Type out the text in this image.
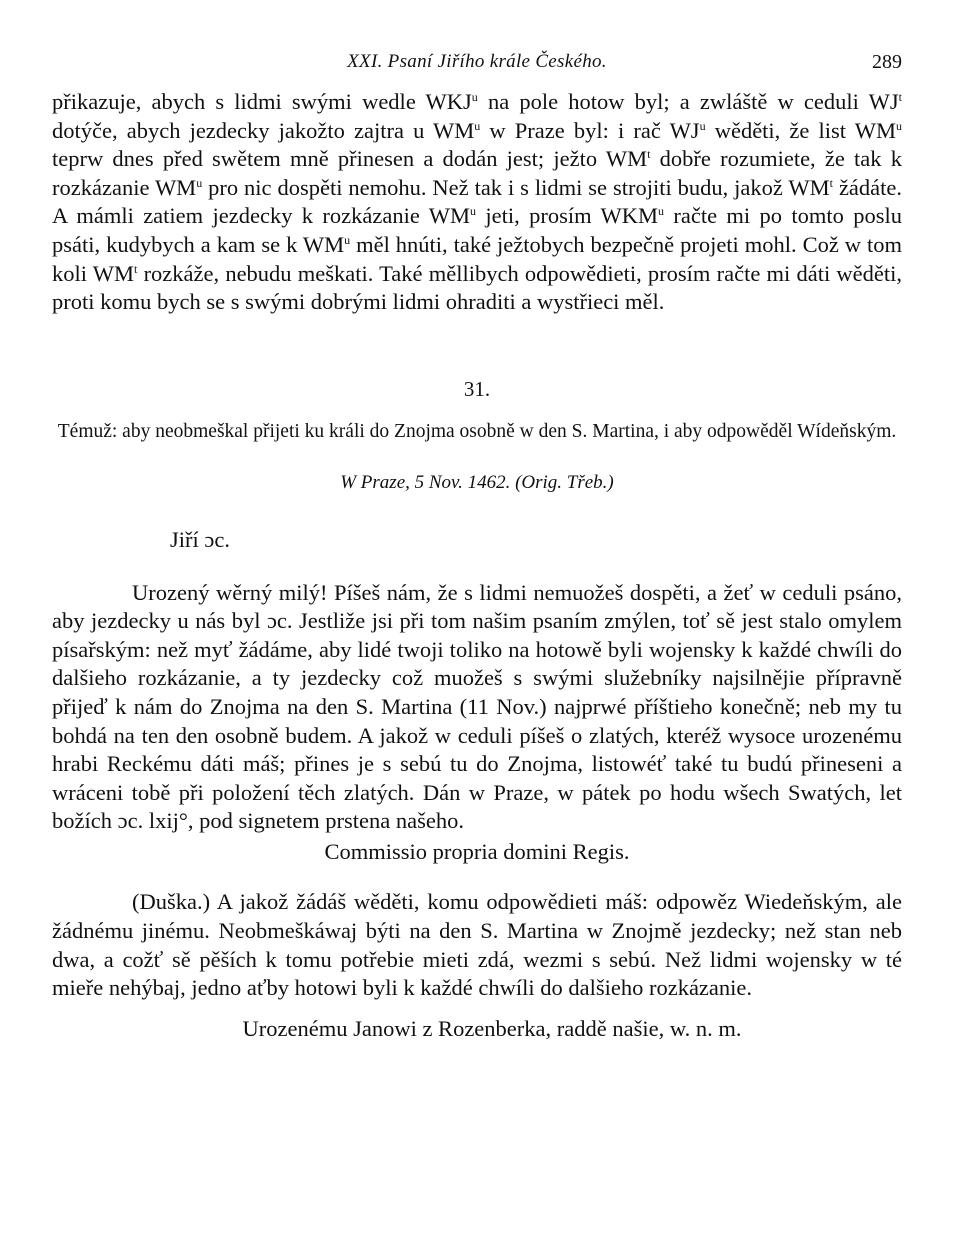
XXI. Psaní Jiřího krále Českého.	289

přikazuje, abych s lidmi swými wedle WKJ$^u$ na pole hotow byl; a zwláště w ceduli $WJ^t$ dotýče, abych jezdecky jakožto zajtra u $WM^u$ w Praze byl: i rač $WJ^u$ wěděti, že list $WM^u$ teprw dnes před swětem mně přinesen a dodán jest; ježto $WM^t$ dobře rozumiete, že tak k rozkázanie $WM^u$ pro nic dospěti nemohu. Než tak i s lidmi se strojiti budu, jakož $WM^t$ žádáte. A mámli zatiem jezdecky k rozkázanie $WM^u$ jeti, prosím WKM$^u$ račte mi po tomto poslu psáti, kudybych a kam se k $WM^u$ měl hnúti, také ježtobych bezpečně projeti mohl. Což w tom koli $WM^t$ rozkáže, nebudu meškati. Také měllibych odpowědieti, prosím račte mi dáti wěděti, proti komu bych se s swými dobrými lidmi ohraditi a wystřieci měl.

31.

Témuž: aby neobmeškal přijeti ku králi do Znojma osobně w den S. Martina, i aby odpowěděl Wídeňským.

W Praze, 5 Nov. 1462. (Orig. Třeb.)
Jiří ɔc.

Urozený wěrný milý! Píšeš nám, že s lidmi nemuožeš dospěti, a žeť w ceduli psáno, aby jezdecky u nás byl ɔc. Jestliže jsi při tom našim psaním zmýlen, toť sě jest stalo omylem písařským: než myť žádáme, aby lidé twoji toliko na hotowě byli wojensky k každé chwíli do dalšieho rozkázanie, a ty jezdecky což muožeš s swými služebníky najsilnějie přípravně přijeď k nám do Znojma na den S. Martina (11 Nov.) najprwé příštieho konečně; neb my tu bohdá na ten den osobně budem. A jakož w ceduli píšeš o zlatých, kteréž wysoce urozenému hrabi Reckému dáti máš; přines je s sebú tu do Znojma, listowéť také tu budú přineseni a wráceni tobě při položení těch zlatých. Dán w Praze, w pátek po hodu wšech Swatých, let božích ɔc. lxij°, pod signetem prstena našeho.

Commissio propria domini Regis.

(Duška.) A jakož žádáš wěděti, komu odpowědieti máš: odpowěz Wiedeňským, ale žádnému jinému. Neobmeškáwaj býti na den S. Martina w Znojmě jezdecky; než stan neb dwa, a cožť sě pěších k tomu potřebie mieti zdá, wezmi s sebú. Než lidmi wojensky w té mieře nehýbaj, jedno aťby hotowi byli k každé chwíli do dalšieho rozkázanie.

Urozenému Janowi z Rozenberka, raddě našie, w. n. m.
